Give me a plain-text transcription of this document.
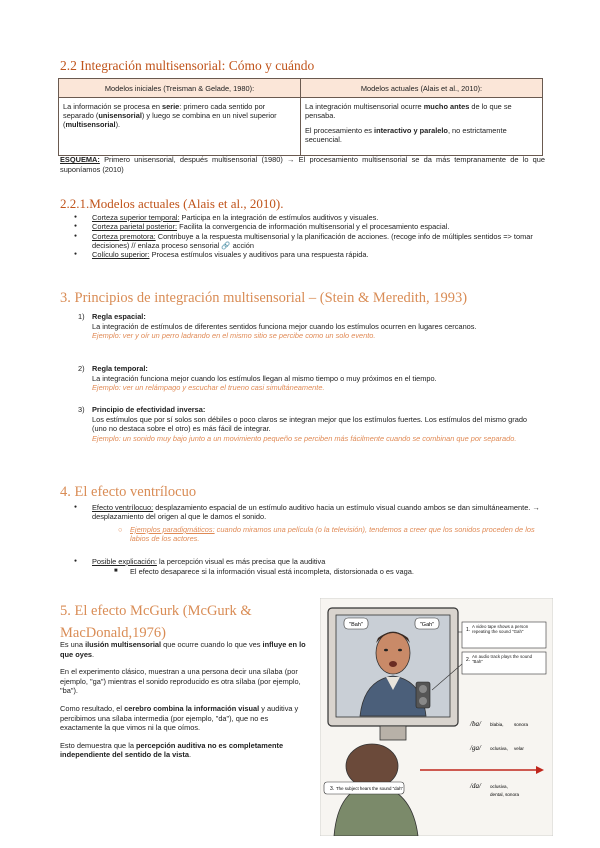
2.2 Integración multisensorial: Cómo y cuándo
Modelos iniciales (Treisman & Gelade, 1980):	Modelos actuales (Alais et al., 2010):
La información se procesa en serie: primero cada sentido por separado (unisensorial) y luego se combina en un nivel superior (multisensorial).	La integración multisensorial ocurre mucho antes de lo que se pensaba.

El procesamiento es interactivo y paralelo, no estrictamente secuencial.

ESQUEMA: Primero unisensorial, después multisensorial (1980) → El procesamiento multisensorial se da más tempranamente de lo que suponíamos (2010)
2.2.1.Modelos actuales (Alais et al., 2010).
● Corteza superior temporal: Participa en la integración de estímulos auditivos y visuales.
● Corteza parietal posterior: Facilita la convergencia de información multisensorial y el procesamiento espacial.
● Corteza premotora: Contribuye a la respuesta multisensorial y la planificación de acciones. (recoge info de múltiples sentidos => tomar decisiones) // enlaza proceso sensorial 🔗 acción
● Colículo superior: Procesa estímulos visuales y auditivos para una respuesta rápida.
3. Principios de integración multisensorial – (Stein & Meredith, 1993)
1) Regla espacial:
La integración de estímulos de diferentes sentidos funciona mejor cuando los estímulos ocurren en lugares cercanos.
Ejemplo: ver y oír un perro ladrando en el mismo sitio se percibe como un solo evento.
2) Regla temporal:
La integración funciona mejor cuando los estímulos llegan al mismo tiempo o muy próximos en el tiempo.
Ejemplo: ver un relámpago y escuchar el trueno casi simultáneamente.
3) Principio de efectividad inversa:
Los estímulos que por sí solos son débiles o poco claros se integran mejor que los estímulos fuertes. Los estímulos del mismo grado (uno no destaca sobre el otro) es más fácil de integrar.
Ejemplo: un sonido muy bajo junto a un movimiento pequeño se perciben más fácilmente cuando se combinan que por separado.
4. El efecto ventrílocuo
● Efecto ventrílocuo: desplazamiento espacial de un estímulo auditivo hacia un estímulo visual cuando ambos se dan simultáneamente. → desplazamiento del origen al que le damos el sonido.
○	Ejemplos paradigmáticos: cuando miramos una película (o la televisión), tendemos a creer que los sonidos proceden de los labios de los actores.
● Posible explicación: la percepción visual es más precisa que la auditiva
■	El efecto desaparece si la información visual está incompleta, distorsionada o es vaga.
5. El efecto McGurk (McGurk &
MacDonald,1976)

Es una ilusión multisensorial que ocurre cuando lo que ves influye en lo que oyes.

En el experimento clásico, muestran a una persona decir una sílaba (por ejemplo, "ga") mientras el sonido reproducido es otra sílaba (por ejemplo, "ba").

Como resultado, el cerebro combina la información visual y auditiva y percibimos una sílaba intermedia (por ejemplo, "da"), que no es exactamente la que vimos ni la que oímos.

Esto demuestra que la percepción auditiva no es completamente independiente del sentido de la vista.

"Bah"	"Gah"
3. The subject hears the sound "dah"
1.
A video tape shows a person repeating the sound "Gah"
2.
An audio track plays the sound "Bah"
/ba/ blabia, sonora
/ga/ oclusiva, velar
/da/ oclusiva,
dental, sonora
